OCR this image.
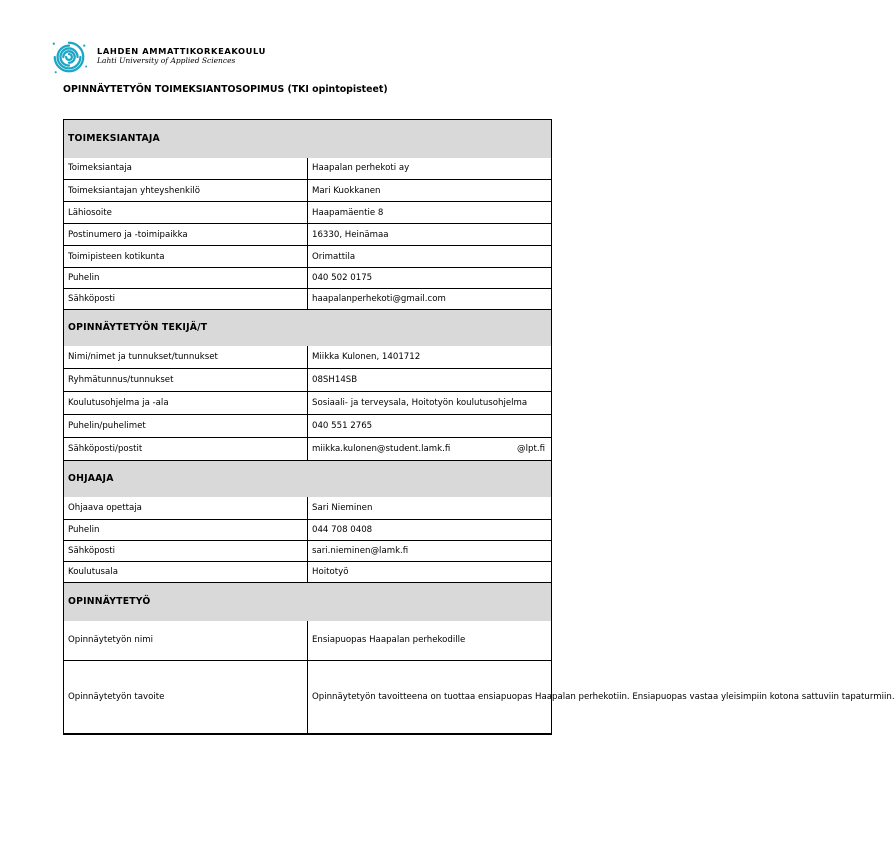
LAHDEN AMMATTIKORKEAKOULU
Lahti University of Applied Sciences
OPINNÄYTETYÖN TOIMEKSIANTOSOPIMUS (TKI opintopisteet)
TOIMEKSIANTAJA	
Toimeksiantaja	Haapalan perhekoti ay
Toimeksiantajan yhteyshenkilö	Mari Kuokkanen
Lähiosoite	Haapamäentie 8
Postinumero ja -toimipaikka	16330, Heinämaa
Toimipisteen kotikunta	Orimattila
Puhelin	040 502 0175
Sähköposti	haapalanperhekoti@gmail.com
OPINNÄYTETYÖN TEKIJÄ/T	
Nimi/nimet ja tunnukset/tunnukset	Miikka Kulonen, 1401712
Ryhmätunnus/tunnukset	08SH14SB
Koulutusohjelma ja -ala	Sosiaali- ja terveysala, Hoitotyön koulutusohjelma
Puhelin/puhelimet	040 551 2765
Sähköposti/postit	miikka.kulonen@student.lamk.fi @lpt.fi

OHJAAJA	
Ohjaava opettaja	Sari Nieminen
Puhelin	044 708 0408
Sähköposti	sari.nieminen@lamk.fi
Koulutusala	Hoitotyö
OPINNÄYTETYÖ	
Opinnäytetyön nimi	Ensiapuopas Haapalan perhekodille
Opinnäytetyön tavoite	Opinnäytetyön tavoitteena on tuottaa ensiapuopas Haapalan perhekotiin. Ensiapuopas vastaa yleisimpiin kotona sattuviin tapaturmiin.
